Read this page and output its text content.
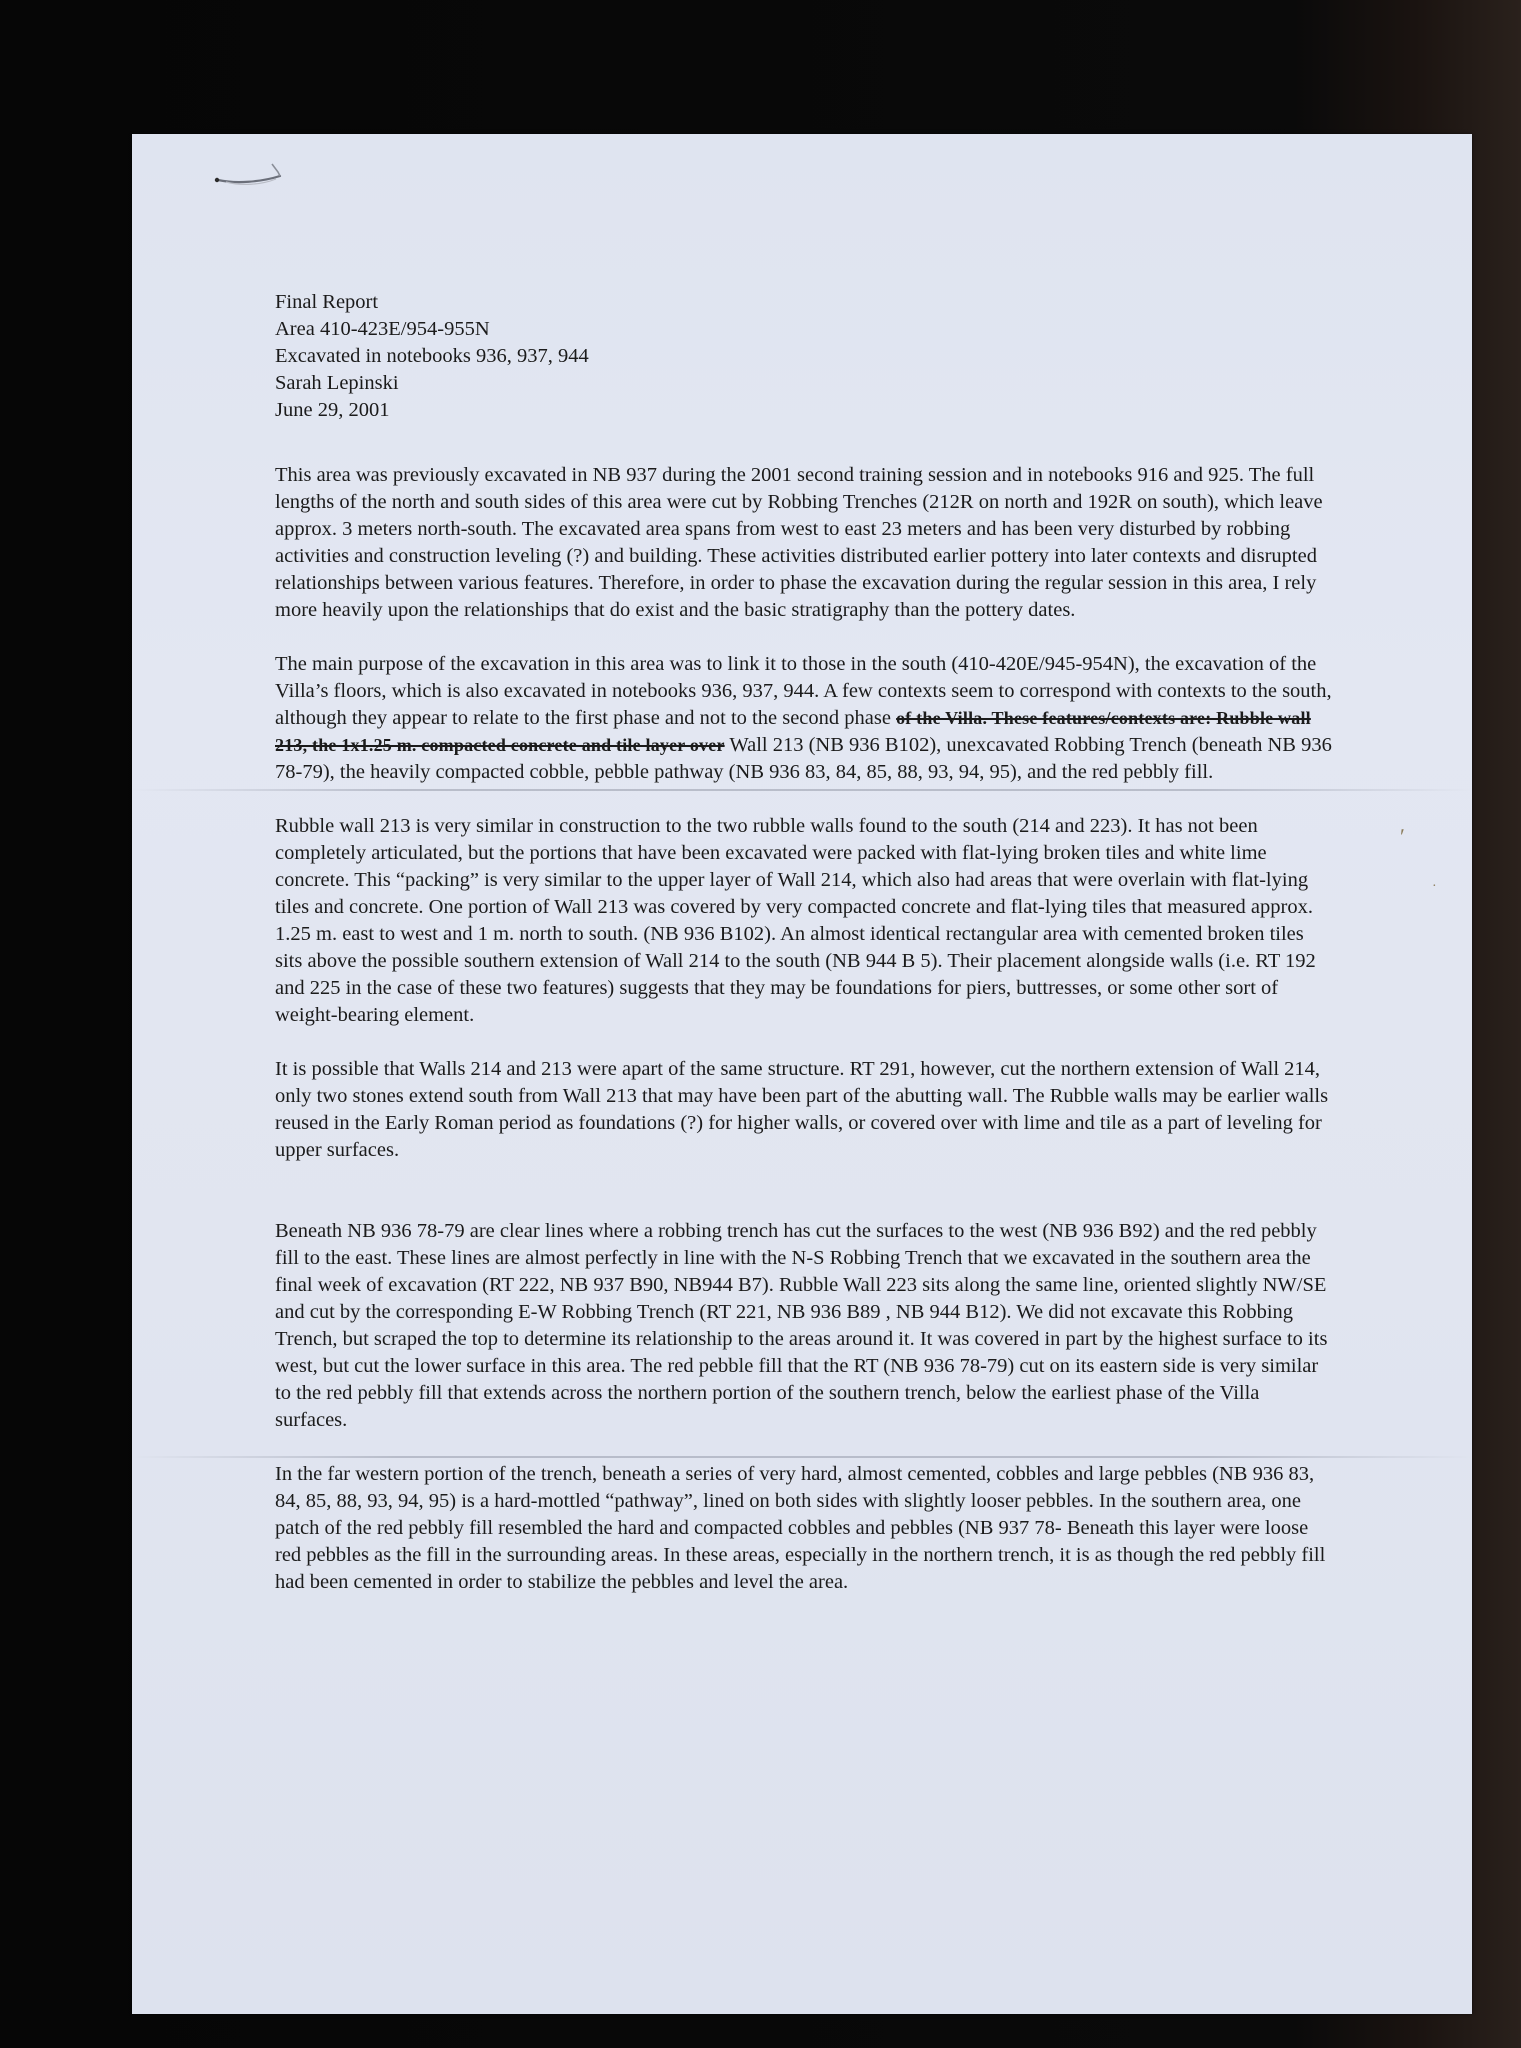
ʹ
·

Final Report

Area 410-423E/954-955N

Excavated in notebooks 936, 937, 944

Sarah Lepinski

June 29, 2001

This area was previously excavated in NB 937 during the 2001 second training session and in notebooks 916 and 925. The full lengths of the north and south sides of this area were cut by Robbing Trenches (212R on north and 192R on south), which leave approx. 3 meters north-south. The excavated area spans from west to east 23 meters and has been very disturbed by robbing activities and construction leveling (?) and building. These activities distributed earlier pottery into later contexts and disrupted relationships between various features. Therefore, in order to phase the excavation during the regular session in this area, I rely more heavily upon the relationships that do exist and the basic stratigraphy than the pottery dates.

The main purpose of the excavation in this area was to link it to those in the south (410-420E/945-954N), the excavation of the Villa’s floors, which is also excavated in notebooks 936, 937, 944. A few contexts seem to correspond with contexts to the south, although they appear to relate to the first phase and not to the second phase of the Villa. These features/contexts are: Rubble wall 213, the 1x1.25 m. compacted concrete and tile layer over Wall 213 (NB 936 B102), unexcavated Robbing Trench (beneath NB 936 78-79), the heavily compacted cobble, pebble pathway (NB 936 83, 84, 85, 88, 93, 94, 95), and the red pebbly fill.

Rubble wall 213 is very similar in construction to the two rubble walls found to the south (214 and 223). It has not been completely articulated, but the portions that have been excavated were packed with flat-lying broken tiles and white lime concrete. This “packing” is very similar to the upper layer of Wall 214, which also had areas that were overlain with flat-lying tiles and concrete. One portion of Wall 213 was covered by very compacted concrete and flat-lying tiles that measured approx. 1.25 m. east to west and 1 m. north to south. (NB 936 B102). An almost identical rectangular area with cemented broken tiles sits above the possible southern extension of Wall 214 to the south (NB 944 B 5). Their placement alongside walls (i.e. RT 192 and 225 in the case of these two features) suggests that they may be foundations for piers, buttresses, or some other sort of weight-bearing element.

It is possible that Walls 214 and 213 were apart of the same structure. RT 291, however, cut the northern extension of Wall 214, only two stones extend south from Wall 213 that may have been part of the abutting wall. The Rubble walls may be earlier walls reused in the Early Roman period as foundations (?) for higher walls, or covered over with lime and tile as a part of leveling for upper surfaces.

Beneath NB 936 78-79 are clear lines where a robbing trench has cut the surfaces to the west (NB 936 B92) and the red pebbly fill to the east. These lines are almost perfectly in line with the N-S Robbing Trench that we excavated in the southern area the final week of excavation (RT 222, NB 937 B90, NB944 B7). Rubble Wall 223 sits along the same line, oriented slightly NW/SE and cut by the corresponding E-W Robbing Trench (RT 221, NB 936 B89 , NB 944 B12). We did not excavate this Robbing Trench, but scraped the top to determine its relationship to the areas around it. It was covered in part by the highest surface to its west, but cut the lower surface in this area. The red pebble fill that the RT (NB 936 78-79) cut on its eastern side is very similar to the red pebbly fill that extends across the northern portion of the southern trench, below the earliest phase of the Villa surfaces.

In the far western portion of the trench, beneath a series of very hard, almost cemented, cobbles and large pebbles (NB 936 83, 84, 85, 88, 93, 94, 95) is a hard-mottled “pathway”, lined on both sides with slightly looser pebbles. In the southern area, one patch of the red pebbly fill resembled the hard and compacted cobbles and pebbles (NB 937 78- Beneath this layer were loose red pebbles as the fill in the surrounding areas. In these areas, especially in the northern trench, it is as though the red pebbly fill had been cemented in order to stabilize the pebbles and level the area.
